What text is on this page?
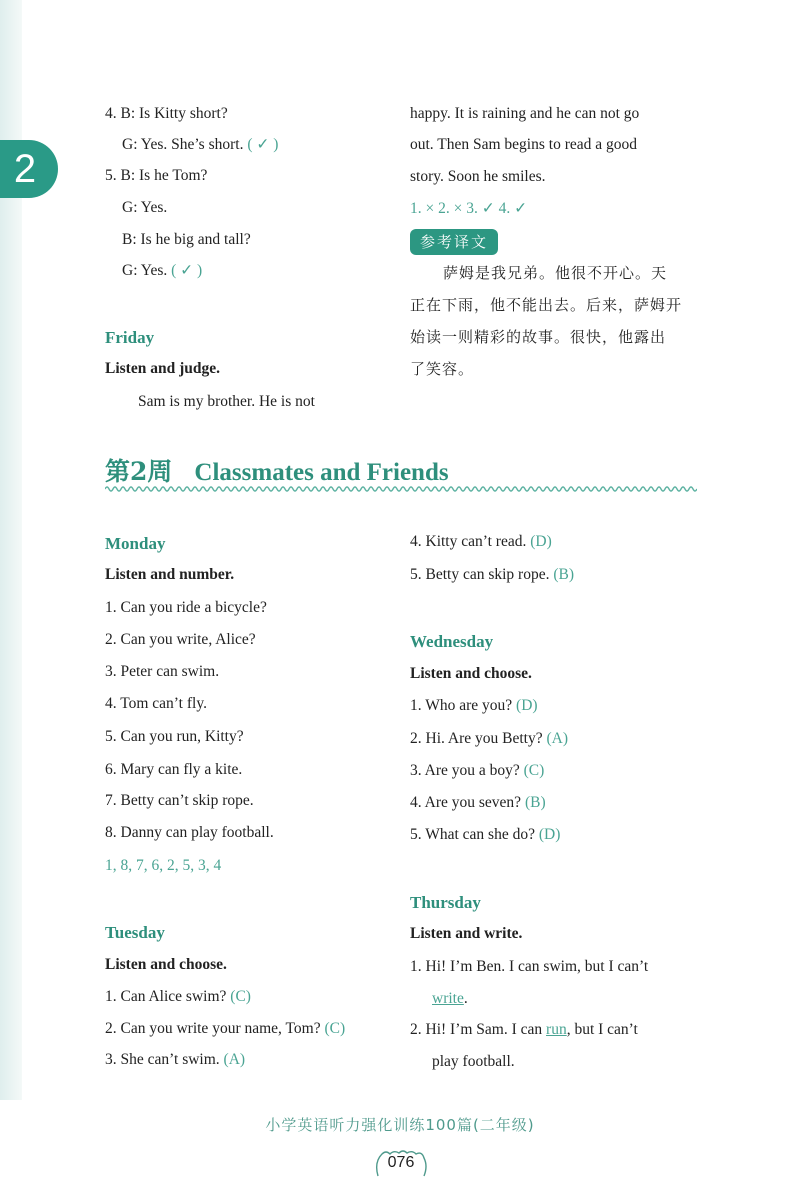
2
4. B: Is Kitty short?
G: Yes. She’s short. ( ✓ )
5. B: Is he Tom?
G: Yes.
B: Is he big and tall?
G: Yes. ( ✓ )
Friday
Listen and judge.
Sam is my brother. He is not
happy. It is raining and he can not go
out. Then Sam begins to read a good
story. Soon he smiles.
1. × 2. × 3. ✓ 4. ✓
参考译文
萨姆是我兄弟。他很不开心。天
正在下雨，他不能出去。后来，萨姆开
始读一则精彩的故事。很快，他露出
了笑容。
第2周 Classmates and Friends
Monday
Listen and number.
1. Can you ride a bicycle?
2. Can you write, Alice?
3. Peter can swim.
4. Tom can’t fly.
5. Can you run, Kitty?
6. Mary can fly a kite.
7. Betty can’t skip rope.
8. Danny can play football.
1, 8, 7, 6, 2, 5, 3, 4
Tuesday
Listen and choose.
1. Can Alice swim? (C)
2. Can you write your name, Tom? (C)
3. She can’t swim. (A)
4. Kitty can’t read. (D)
5. Betty can skip rope. (B)
Wednesday
Listen and choose.
1. Who are you? (D)
2. Hi. Are you Betty? (A)
3. Are you a boy? (C)
4. Are you seven? (B)
5. What can she do? (D)
Thursday
Listen and write.
1. Hi! I’m Ben. I can swim, but I can’t
write.
2. Hi! I’m Sam. I can run, but I can’t
play football.
小学英语听力强化训练100篇(二年级)
076
